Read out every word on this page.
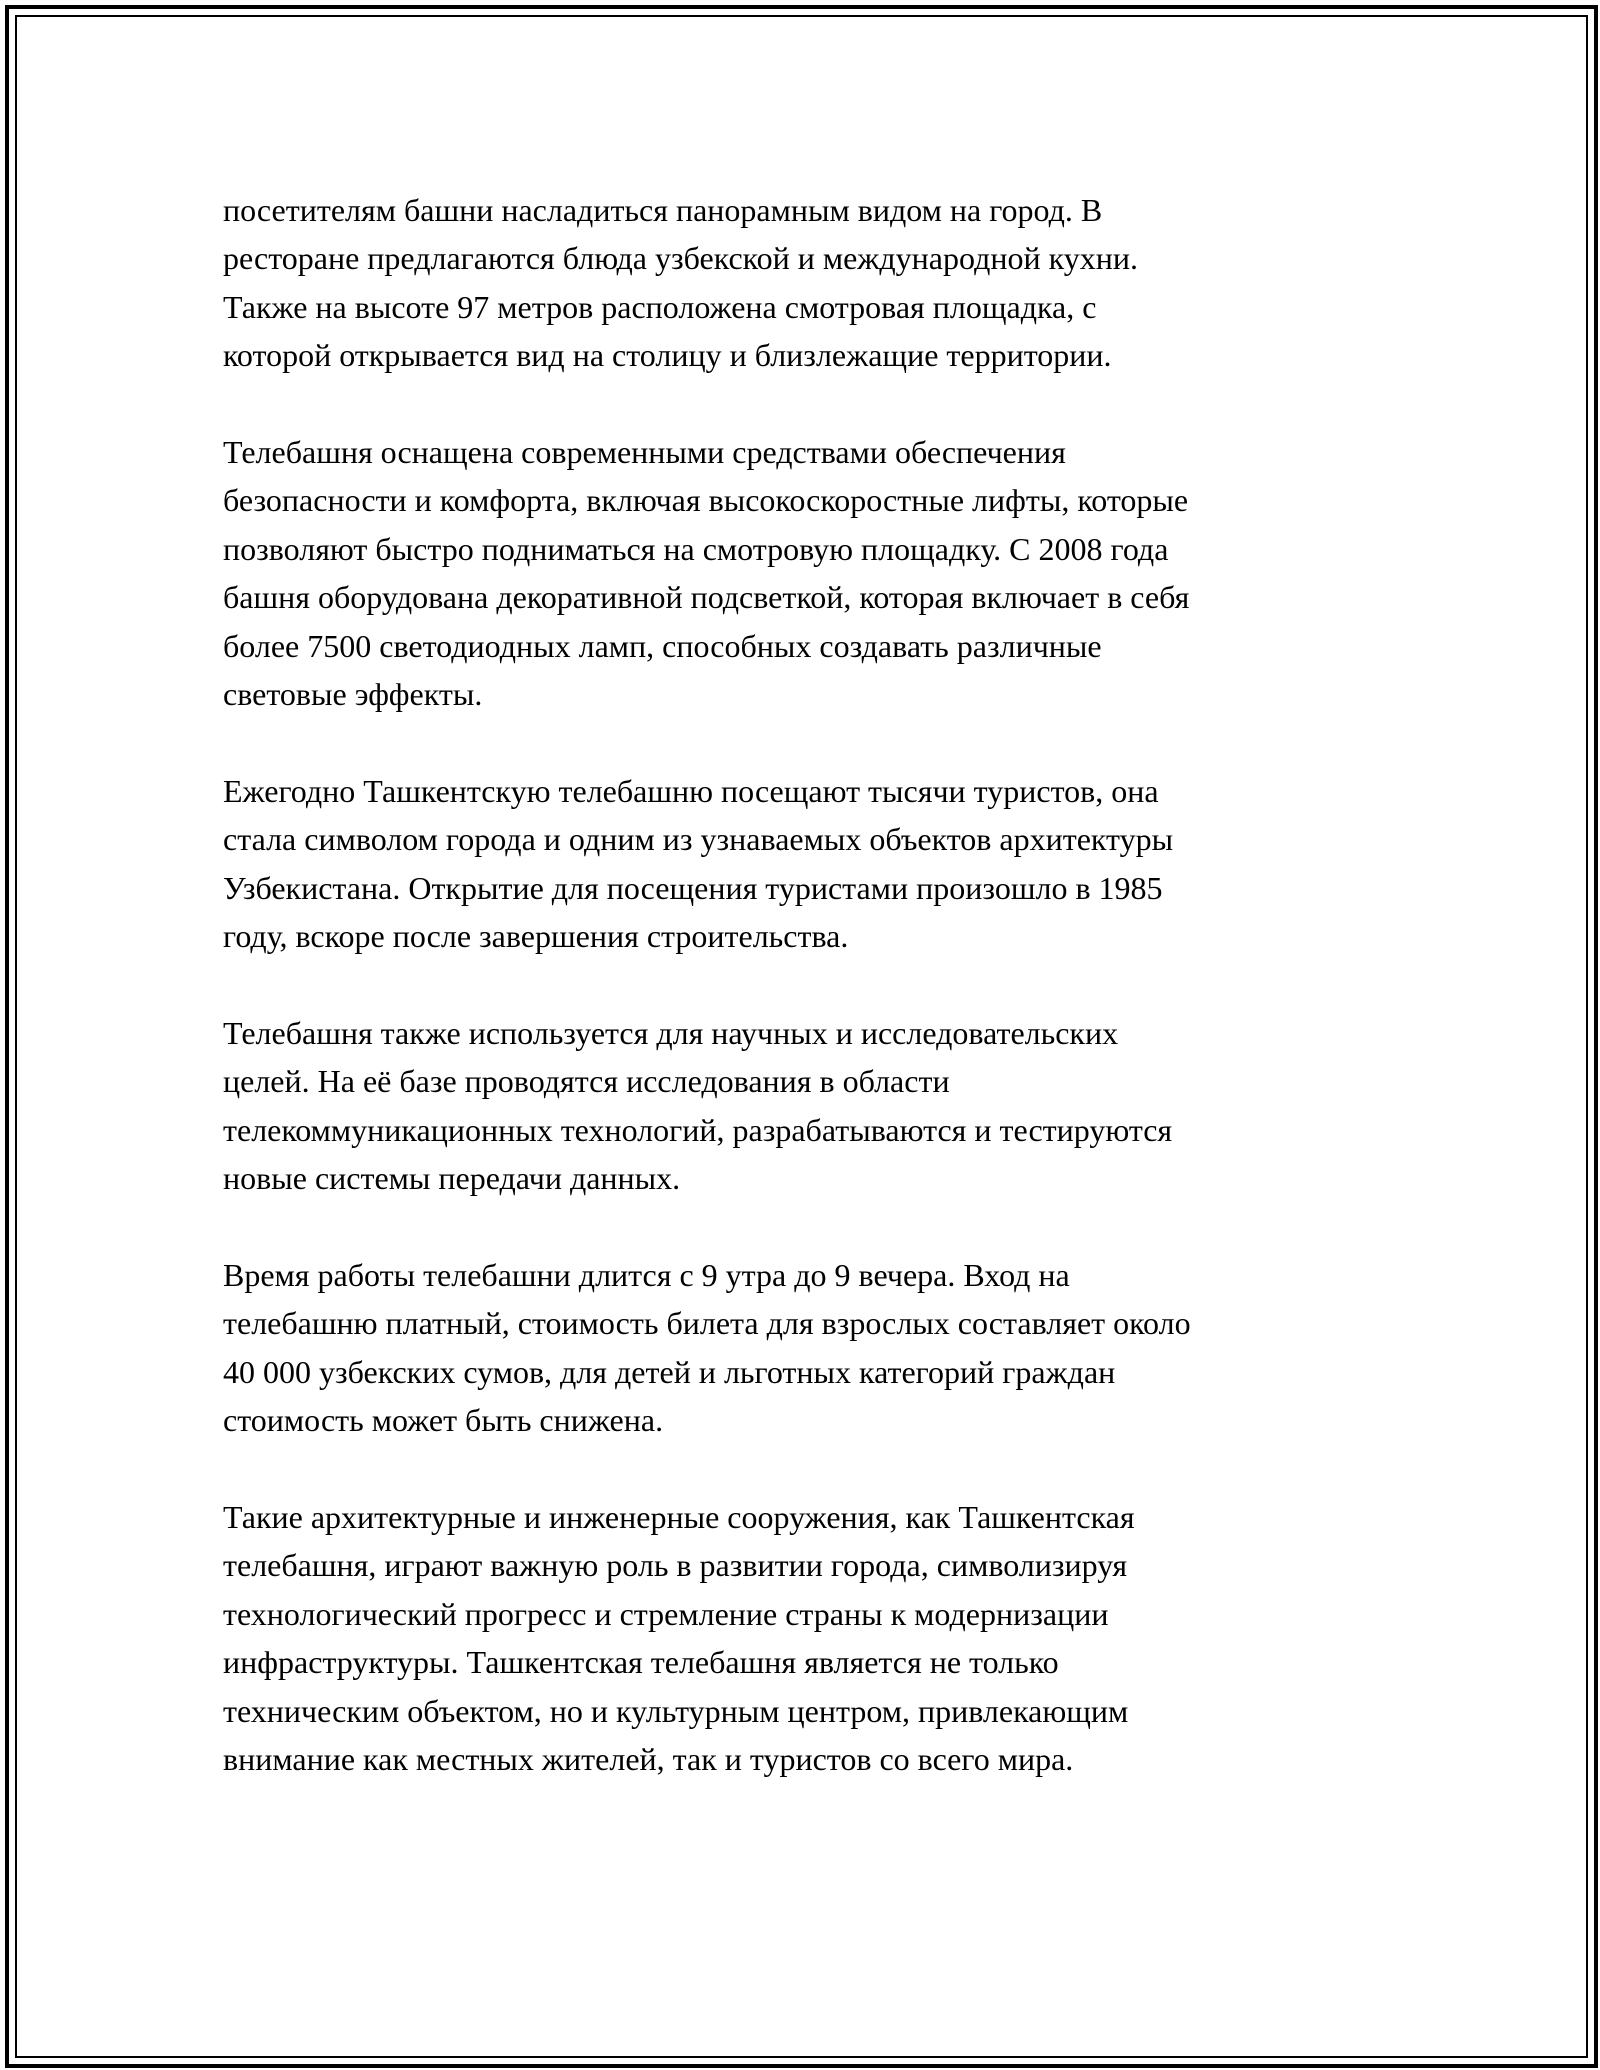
посетителям башни насладиться панорамным видом на город. В
ресторане предлагаются блюда узбекской и международной кухни.
Также на высоте 97 метров расположена смотровая площадка, с
которой открывается вид на столицу и близлежащие территории.

Телебашня оснащена современными средствами обеспечения
безопасности и комфорта, включая высокоскоростные лифты, которые
позволяют быстро подниматься на смотровую площадку. С 2008 года
башня оборудована декоративной подсветкой, которая включает в себя
более 7500 светодиодных ламп, способных создавать различные
световые эффекты.

Ежегодно Ташкентскую телебашню посещают тысячи туристов, она
стала символом города и одним из узнаваемых объектов архитектуры
Узбекистана. Открытие для посещения туристами произошло в 1985
году, вскоре после завершения строительства.

Телебашня также используется для научных и исследовательских
целей. На её базе проводятся исследования в области
телекоммуникационных технологий, разрабатываются и тестируются
новые системы передачи данных.

Время работы телебашни длится с 9 утра до 9 вечера. Вход на
телебашню платный, стоимость билета для взрослых составляет около
40 000 узбекских сумов, для детей и льготных категорий граждан
стоимость может быть снижена.

Такие архитектурные и инженерные сооружения, как Ташкентская
телебашня, играют важную роль в развитии города, символизируя
технологический прогресс и стремление страны к модернизации
инфраструктуры. Ташкентская телебашня является не только
техническим объектом, но и культурным центром, привлекающим
внимание как местных жителей, так и туристов со всего мира.
